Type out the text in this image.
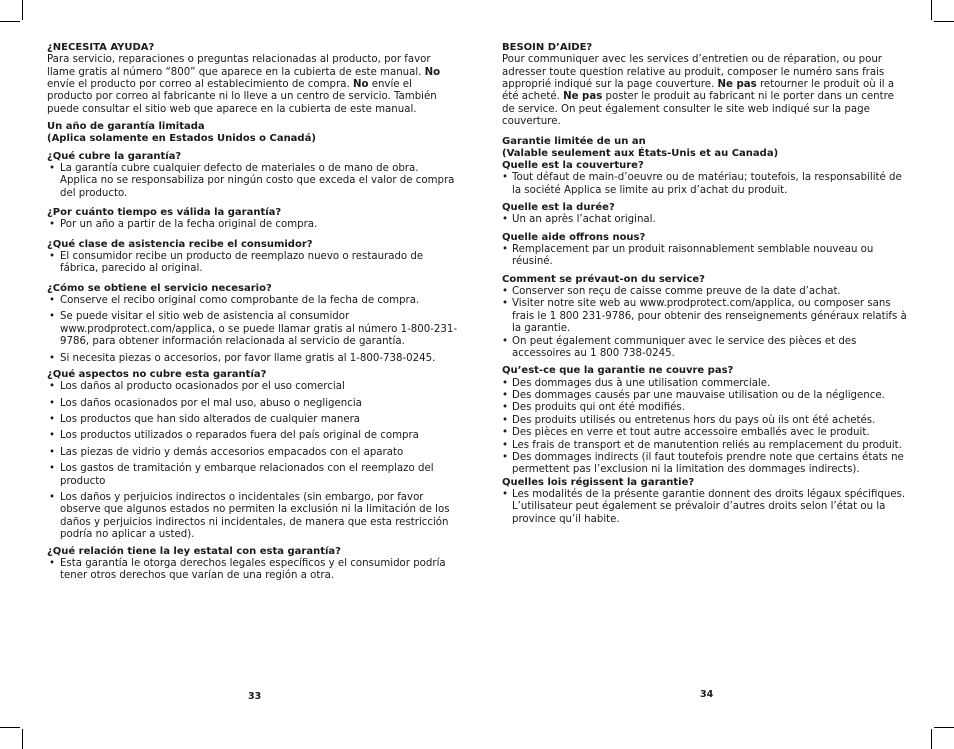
¿NECESITA AYUDA?

Para servicio, reparaciones o preguntas relacionadas al producto, por favor llame gratis al número “800” que aparece en la cubierta de este manual. No envíe el producto por correo al establecimiento de compra. No envíe el producto por correo al fabricante ni lo lleve a un centro de servicio. También puede consultar el sitio web que aparece en la cubierta de este manual.

Un año de garantía limitada
(Aplica solamente en Estados Unidos o Canadá)
¿Qué cubre la garantía?
• La garantía cubre cualquier defecto de materiales o de mano de obra. Applica no se responsabiliza por ningún costo que exceda el valor de compra del producto.
¿Por cuánto tiempo es válida la garantía?
• Por un año a partir de la fecha original de compra.
¿Qué clase de asistencia recibe el consumidor?
• El consumidor recibe un producto de reemplazo nuevo o restaurado de fábrica, parecido al original.
¿Cómo se obtiene el servicio necesario?
• Conserve el recibo original como comprobante de la fecha de compra.
• Se puede visitar el sitio web de asistencia al consumidor www.prodprotect.com/applica, o se puede llamar gratis al número 1-800-231-9786, para obtener información relacionada al servicio de garantía.
• Si necesita piezas o accesorios, por favor llame gratis al 1-800-738-0245.
¿Qué aspectos no cubre esta garantía?
• Los daños al producto ocasionados por el uso comercial
• Los daños ocasionados por el mal uso, abuso o negligencia
• Los productos que han sido alterados de cualquier manera
• Los productos utilizados o reparados fuera del país original de compra
• Las piezas de vidrio y demás accesorios empacados con el aparato
• Los gastos de tramitación y embarque relacionados con el reemplazo del producto
• Los daños y perjuicios indirectos o incidentales (sin embargo, por favor observe que algunos estados no permiten la exclusión ni la limitación de los daños y perjuicios indirectos ni incidentales, de manera que esta restricción podría no aplicar a usted).
¿Qué relación tiene la ley estatal con esta garantía?
• Esta garantía le otorga derechos legales específicos y el consumidor podría tener otros derechos que varían de una región a otra.
33
BESOIN D’AIDE?

Pour communiquer avec les services d’entretien ou de réparation, ou pour adresser toute question relative au produit, composer le numéro sans frais approprié indiqué sur la page couverture. Ne pas retourner le produit où il a été acheté. Ne pas poster le produit au fabricant ni le porter dans un centre de service. On peut également consulter le site web indiqué sur la page couverture.

Garantie limitée de un an
(Valable seulement aux États-Unis et au Canada)
Quelle est la couverture?
• Tout défaut de main-d’oeuvre ou de matériau; toutefois, la responsabilité de la société Applica se limite au prix d’achat du produit.
Quelle est la durée?
• Un an après l’achat original.
Quelle aide offrons nous?
• Remplacement par un produit raisonnablement semblable nouveau ou réusiné.
Comment se prévaut-on du service?
• Conserver son reçu de caisse comme preuve de la date d’achat.
• Visiter notre site web au www.prodprotect.com/applica, ou composer sans frais le 1 800 231-9786, pour obtenir des renseignements généraux relatifs à la garantie.
• On peut également communiquer avec le service des pièces et des accessoires au 1 800 738-0245.
Qu’est-ce que la garantie ne couvre pas?
• Des dommages dus à une utilisation commerciale.
• Des dommages causés par une mauvaise utilisation ou de la négligence.
• Des produits qui ont été modifiés.
• Des produits utilisés ou entretenus hors du pays où ils ont été achetés.
• Des pièces en verre et tout autre accessoire emballés avec le produit.
• Les frais de transport et de manutention reliés au remplacement du produit.
• Des dommages indirects (il faut toutefois prendre note que certains états ne permettent pas l’exclusion ni la limitation des dommages indirects).
Quelles lois régissent la garantie?
• Les modalités de la présente garantie donnent des droits légaux spécifiques. L’utilisateur peut également se prévaloir d’autres droits selon l’état ou la province qu’il habite.
34
